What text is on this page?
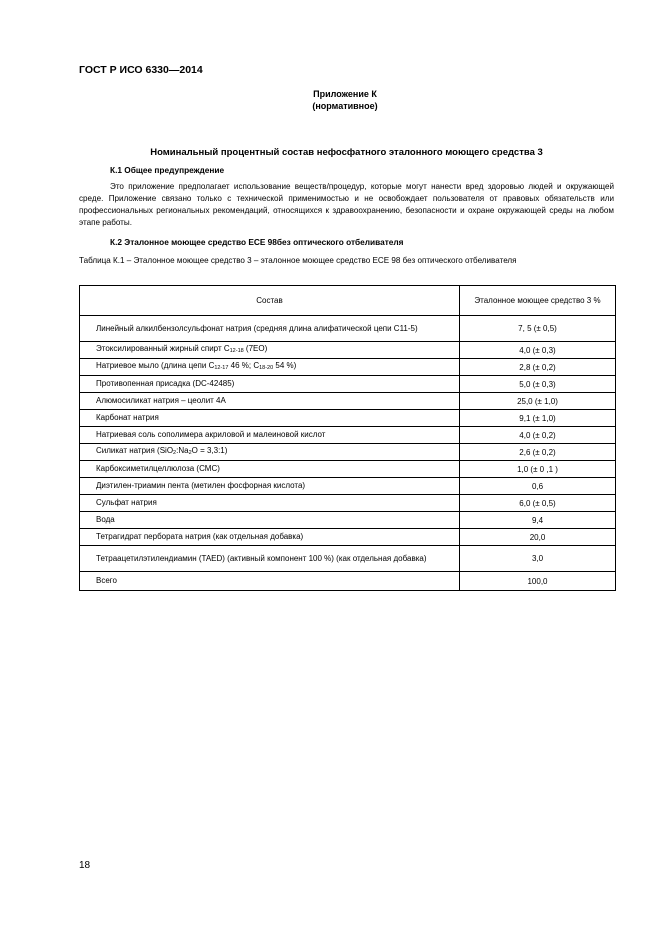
ГОСТ Р ИСО 6330—2014
Приложение К
(нормативное)
Номинальный процентный состав нефосфатного эталонного моющего средства 3
К.1 Общее предупреждение
Это приложение предполагает использование веществ/процедур, которые могут нанести вред здоровью людей и окружающей среде. Приложение связано только с технической применимостью и не освобождает пользователя от правовых обязательств или профессиональных региональных рекомендаций, относящихся к здравоохранению, безопасности и охране окружающей среды на любом этапе работы.
К.2 Эталонное моющее средство ЕСЕ 98без оптического отбеливателя
Таблица К.1 – Эталонное моющее средство 3 – эталонное моющее средство ЕСЕ 98 без оптического отбеливателя
Состав	Эталонное моющее средство 3 %
Линейный алкилбензолсульфонат натрия (средняя длина алифатической цепи С11-5)	7, 5 (± 0,5)
Этоксилированный жирный спирт $С_{12-18}$ (7ЕО)	4,0 (± 0,3)
Натриевое мыло (длина цепи $С_{12-17}$ 46 %; $С_{18-20}$ 54 %)	2,8 (± 0,2)
Противопенная присадка (DC-42485)	5,0 (± 0,3)
Алюмосиликат натрия – цеолит 4А	25,0 (± 1,0)
Карбонат натрия	9,1 (± 1,0)
Натриевая соль сополимера акриловой и малеиновой кислот	4,0 (± 0,2)
Силикат натрия ($SiO_2:Na_2O$ = 3,3:1)	2,6 (± 0,2)
Карбоксиметилцеллюлоза (СМС)	1,0 (± 0 ,1 )
Диэтилен-триамин пента (метилен фосфорная кислота)	0,6
Сульфат натрия	6,0 (± 0,5)
Вода	9,4
Тетрагидрат пербората натрия (как отдельная добавка)	20,0
Тетраацетилэтилендиамин (TAED) (активный компонент 100 %) (как отдельная добавка)	3,0
Всего	100,0
18
